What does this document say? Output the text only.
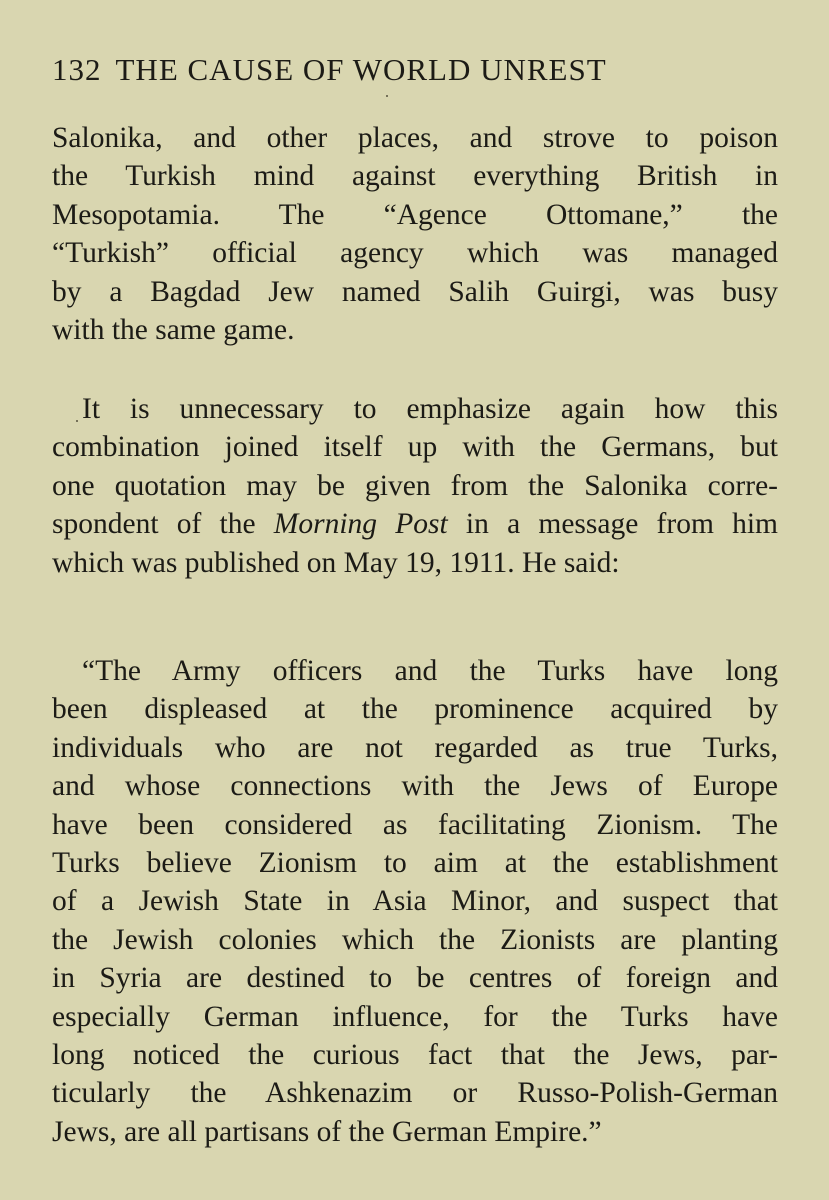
132 THE CAUSE OF WORLD UNREST
Salonika, and other places, and strove to poison
the Turkish mind against everything British in
Mesopotamia. The “Agence Ottomane,” the
“Turkish” official agency which was managed
by a Bagdad Jew named Salih Guirgi, was busy
with the same game.
It is unnecessary to emphasize again how this
combination joined itself up with the Germans, but
one quotation may be given from the Salonika corre-
spondent of the Morning Post in a message from him
which was published on May 19, 1911. He said:
“The Army officers and the Turks have long
been displeased at the prominence acquired by
individuals who are not regarded as true Turks,
and whose connections with the Jews of Europe
have been considered as facilitating Zionism. The
Turks believe Zionism to aim at the establishment
of a Jewish State in Asia Minor, and suspect that
the Jewish colonies which the Zionists are planting
in Syria are destined to be centres of foreign and
especially German influence, for the Turks have
long noticed the curious fact that the Jews, par-
ticularly the Ashkenazim or Russo-Polish-German
Jews, are all partisans of the German Empire.”
